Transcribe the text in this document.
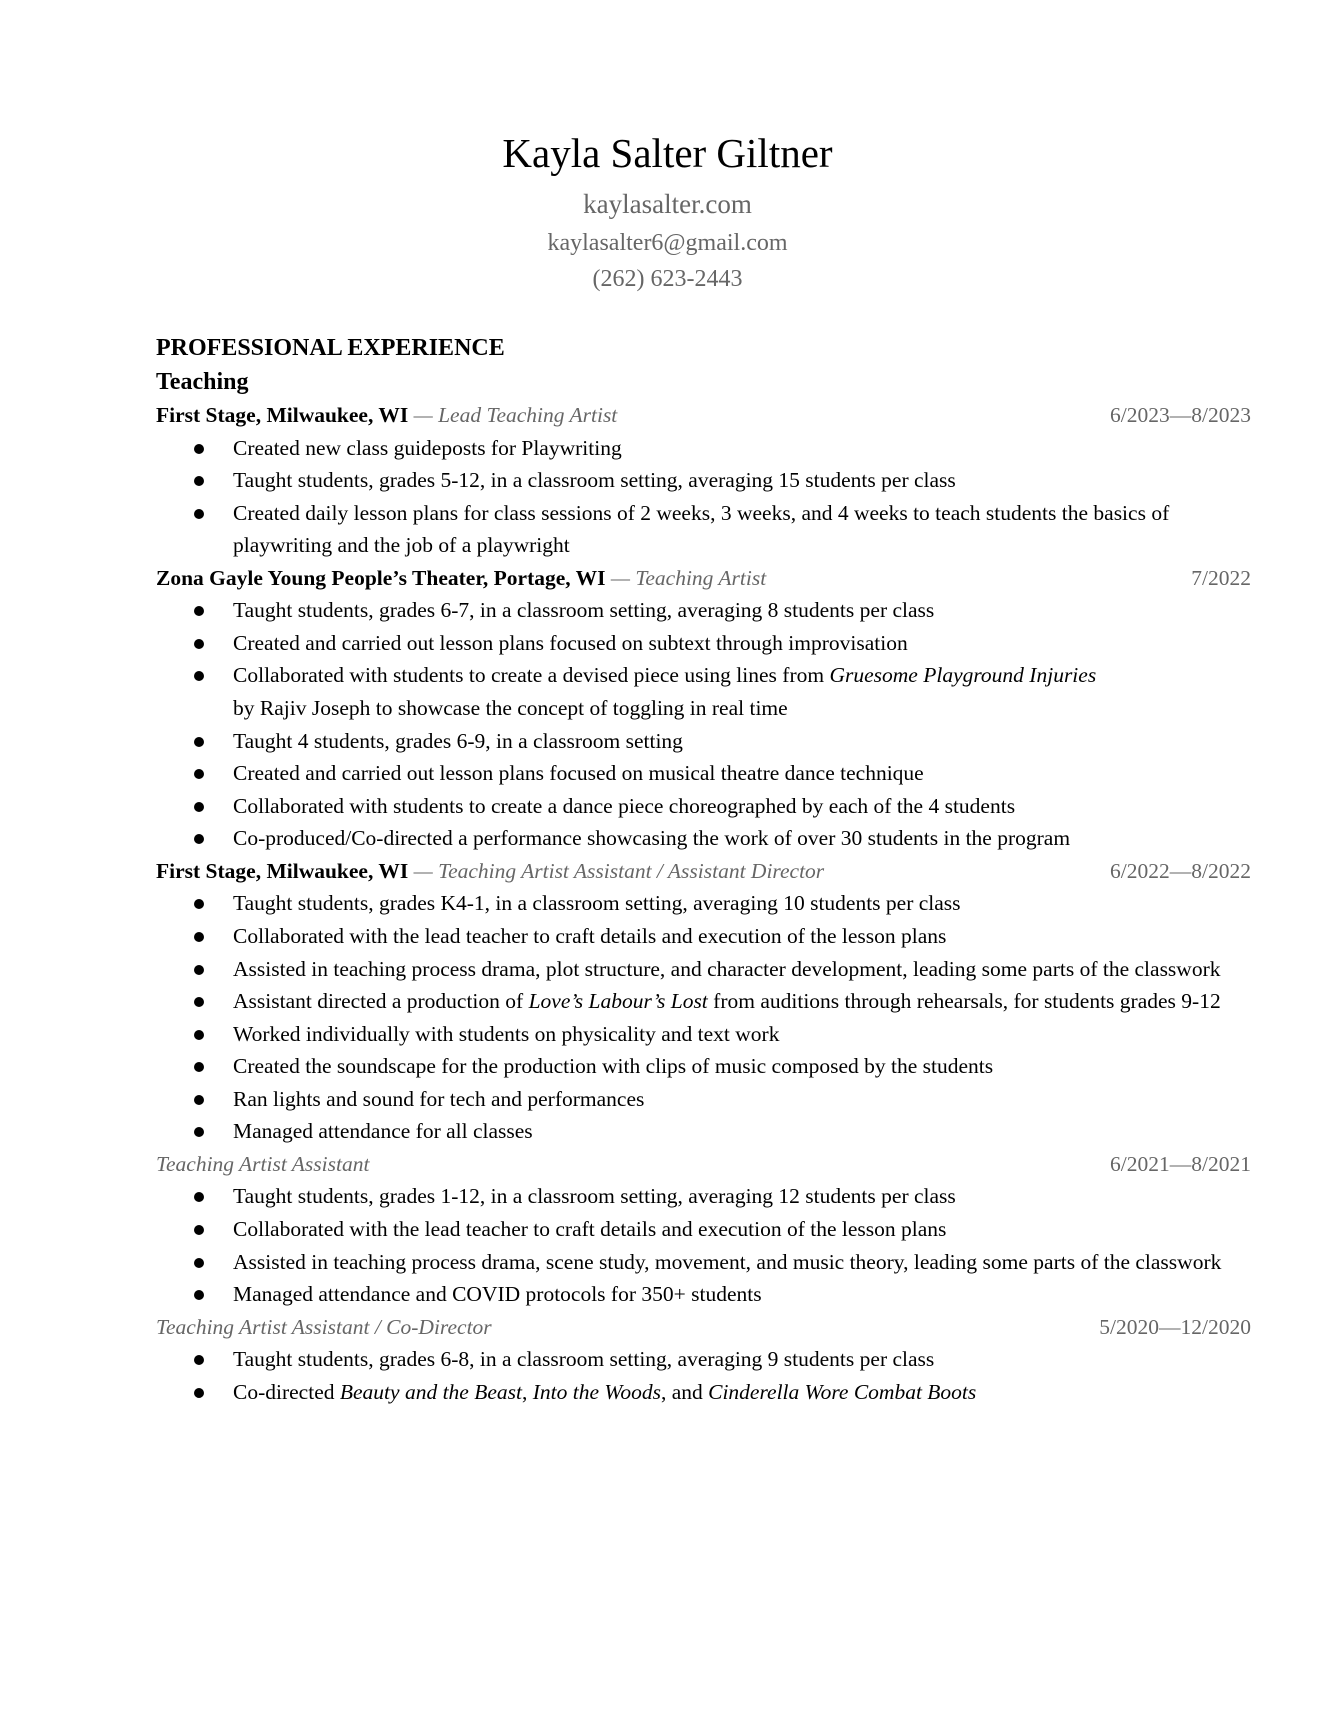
Kayla Salter Giltner
kaylasalter.com
kaylasalter6@gmail.com
(262) 623-2443
PROFESSIONAL EXPERIENCE
Teaching
First Stage, Milwaukee, WI — Lead Teaching Artist	6/2023—8/2023
Created new class guideposts for Playwriting
Taught students, grades 5-12, in a classroom setting, averaging 15 students per class
Created daily lesson plans for class sessions of 2 weeks, 3 weeks, and 4 weeks to teach students the basics of playwriting and the job of a playwright
Zona Gayle Young People’s Theater, Portage, WI — Teaching Artist	7/2022
Taught students, grades 6-7, in a classroom setting, averaging 8 students per class
Created and carried out lesson plans focused on subtext through improvisation
Collaborated with students to create a devised piece using lines from Gruesome Playground Injuries
by Rajiv Joseph to showcase the concept of toggling in real time
Taught 4 students, grades 6-9, in a classroom setting
Created and carried out lesson plans focused on musical theatre dance technique
Collaborated with students to create a dance piece choreographed by each of the 4 students
Co-produced/Co-directed a performance showcasing the work of over 30 students in the program
First Stage, Milwaukee, WI — Teaching Artist Assistant / Assistant Director	6/2022—8/2022
Taught students, grades K4-1, in a classroom setting, averaging 10 students per class
Collaborated with the lead teacher to craft details and execution of the lesson plans
Assisted in teaching process drama, plot structure, and character development, leading some parts of the classwork
Assistant directed a production of Love’s Labour’s Lost from auditions through rehearsals, for students grades 9-12
Worked individually with students on physicality and text work
Created the soundscape for the production with clips of music composed by the students
Ran lights and sound for tech and performances
Managed attendance for all classes
Teaching Artist Assistant	6/2021—8/2021
Taught students, grades 1-12, in a classroom setting, averaging 12 students per class
Collaborated with the lead teacher to craft details and execution of the lesson plans
Assisted in teaching process drama, scene study, movement, and music theory, leading some parts of the classwork
Managed attendance and COVID protocols for 350+ students
Teaching Artist Assistant / Co-Director	5/2020—12/2020
Taught students, grades 6-8, in a classroom setting, averaging 9 students per class
Co-directed Beauty and the Beast, Into the Woods, and Cinderella Wore Combat Boots
